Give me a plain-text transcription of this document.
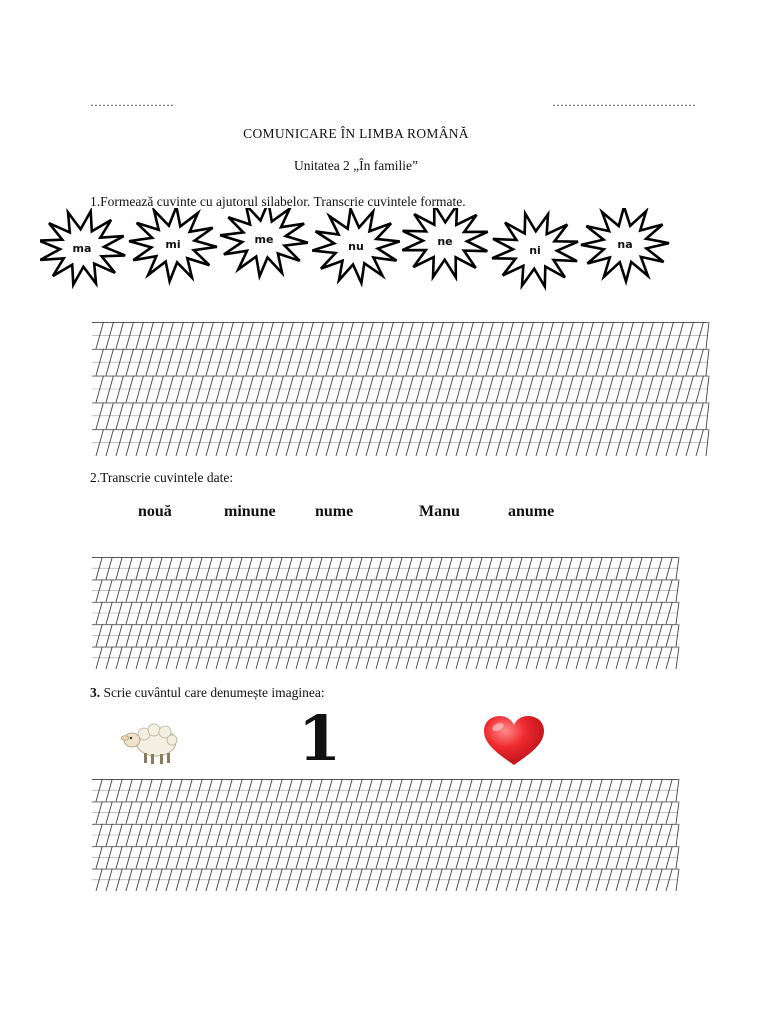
…………………	………………………………
COMUNICARE ÎN LIMBA ROMÂNĂ
Unitatea 2 „În familie”
1.Formează cuvinte cu ajutorul silabelor. Transcrie cuvintele formate.
ma	mi	me
nu	ne
ni	na
2.Transcrie cuvintele date:
nouă	minune nume	Manu	anume
3. Scrie cuvântul care denumește imaginea:
1
